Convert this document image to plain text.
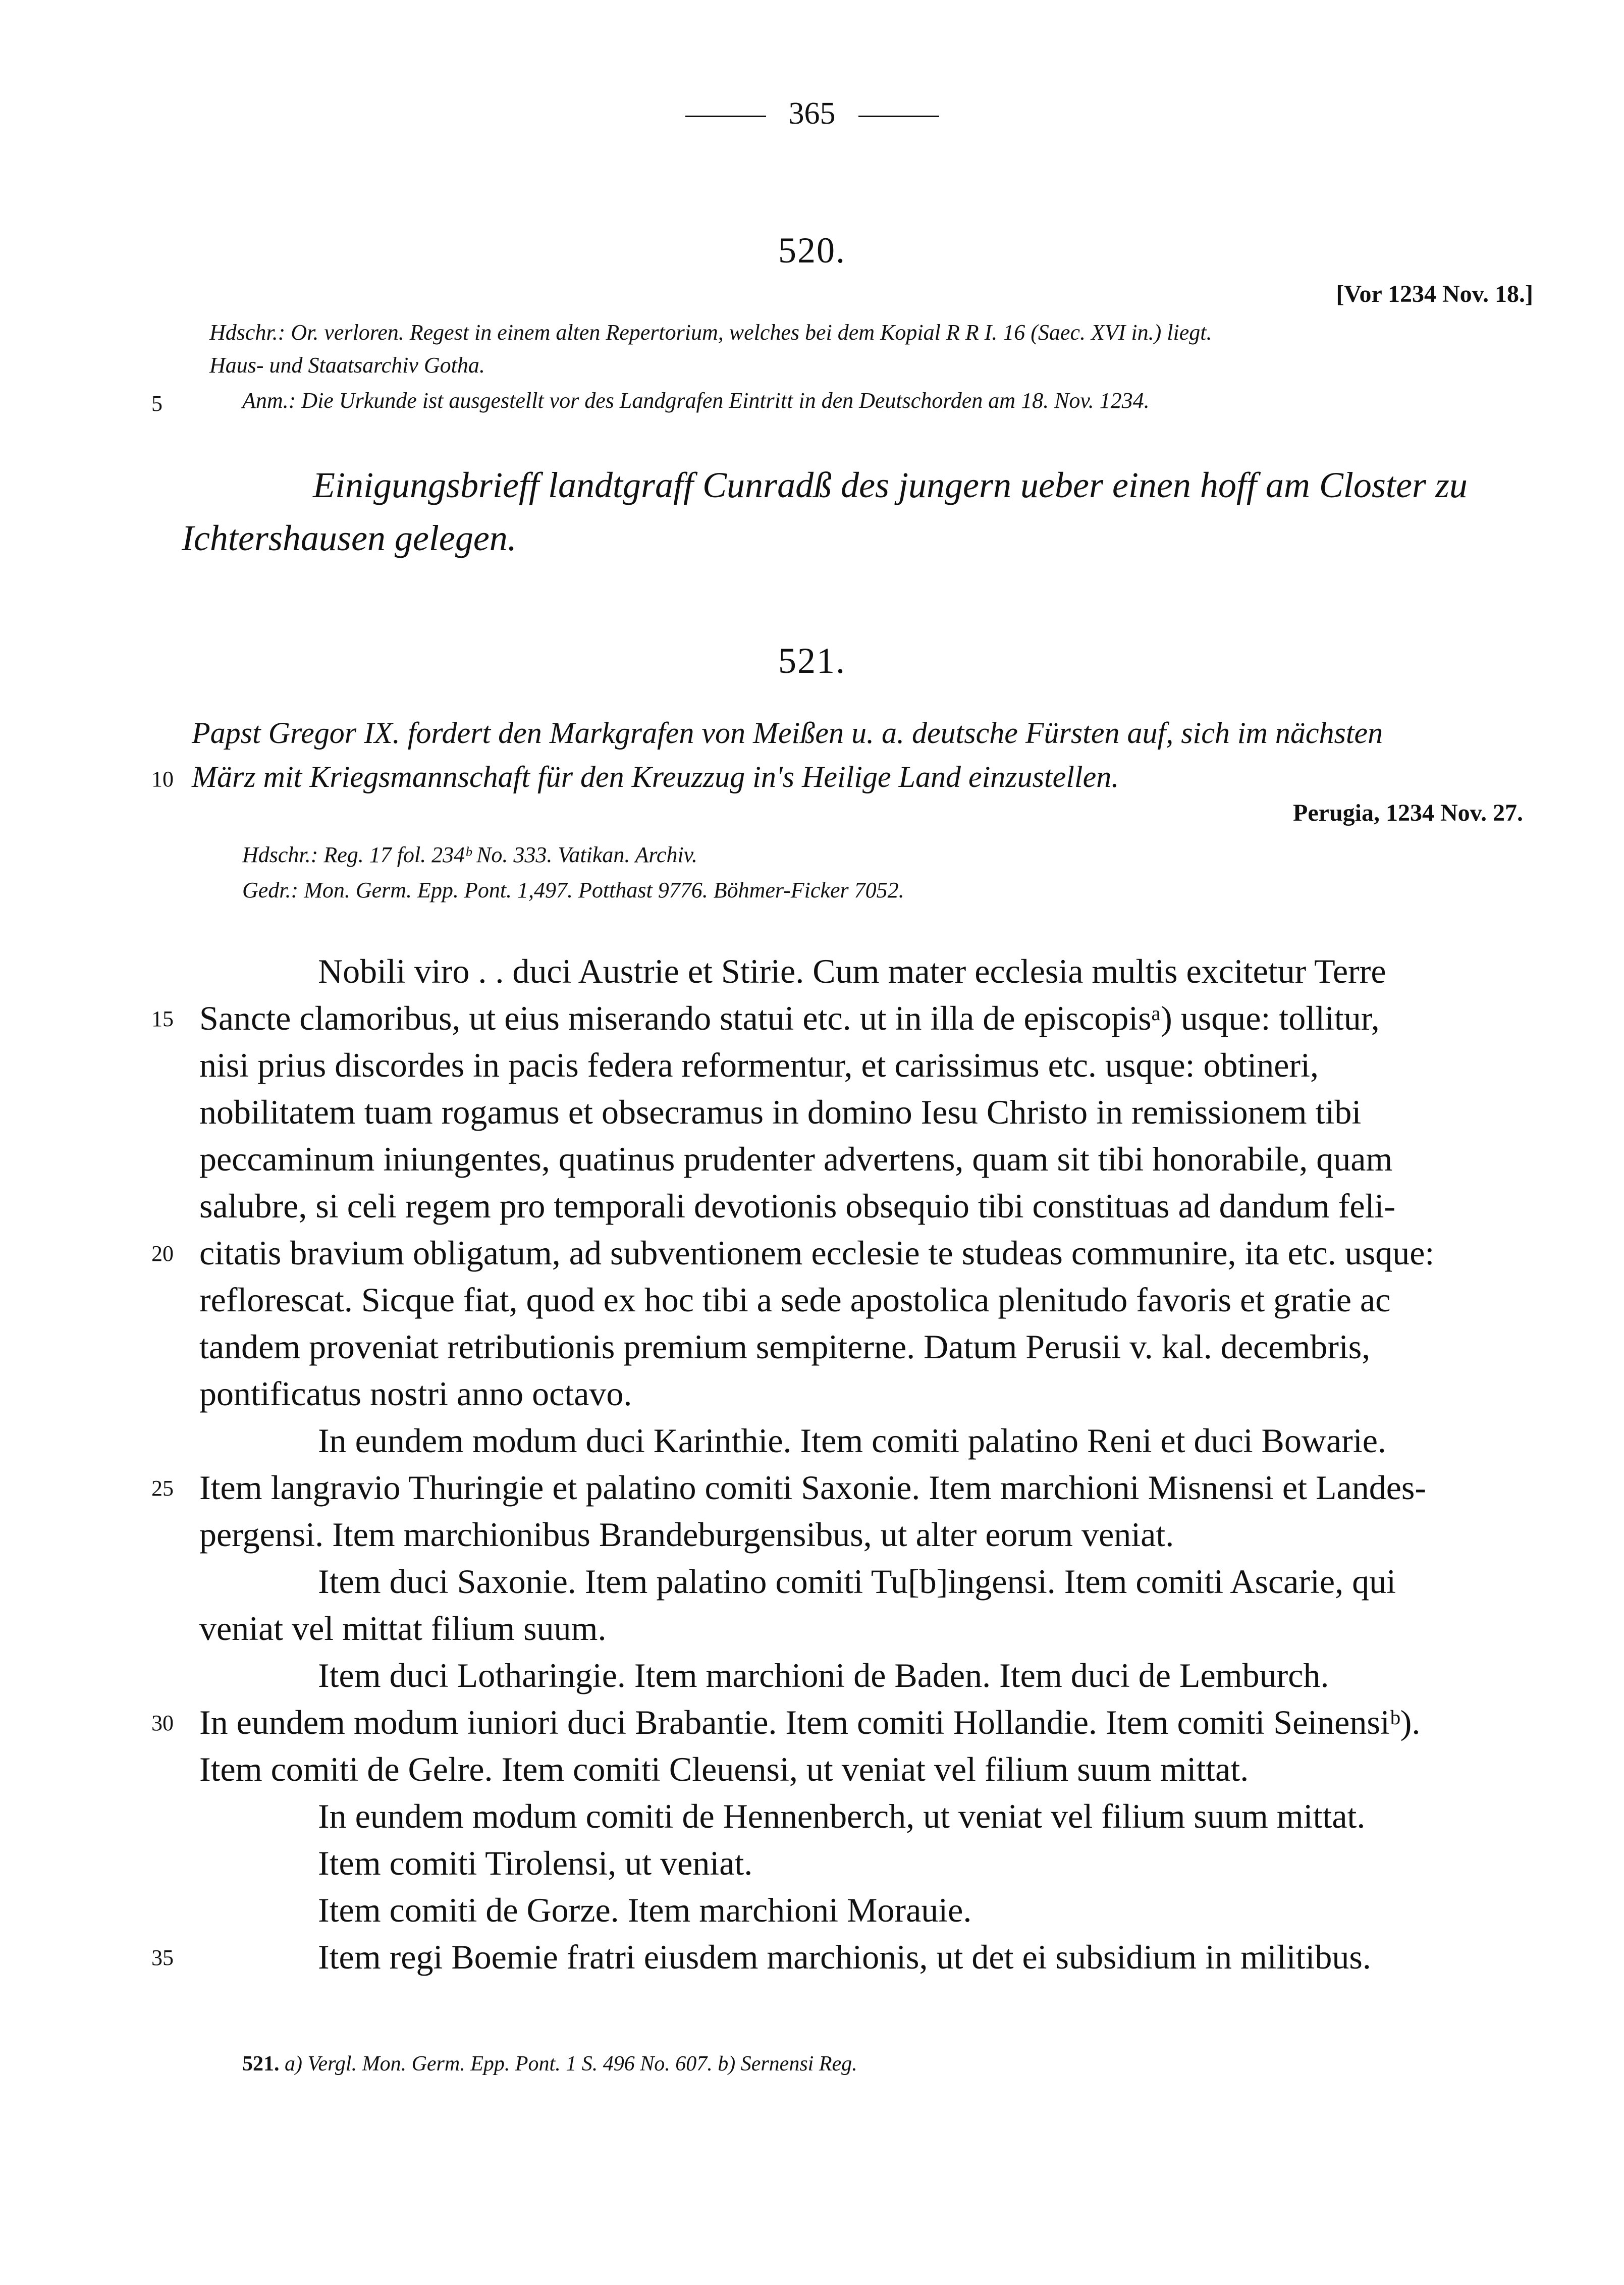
365
520.
[Vor 1234 Nov. 18.]
Hdschr.: Or. verloren. Regest in einem alten Repertorium, welches bei dem Kopial R R I. 16 (Saec. XVI in.) liegt.
Haus- und Staatsarchiv Gotha.
Anm.: Die Urkunde ist ausgestellt vor des Landgrafen Eintritt in den Deutschorden am 18. Nov. 1234.
Einigungsbrieff landtgraff Cunradß des jungern ueber einen hoff am Closter zu
Ichtershausen gelegen.
521.
Papst Gregor IX. fordert den Markgrafen von Meißen u. a. deutsche Fürsten auf, sich im nächsten
März mit Kriegsmannschaft für den Kreuzzug in's Heilige Land einzustellen.
Perugia, 1234 Nov. 27.
Hdschr.: Reg. 17 fol. 234ᵇ No. 333. Vatikan. Archiv.
Gedr.: Mon. Germ. Epp. Pont. 1,497. Potthast 9776. Böhmer-Ficker 7052.
Nobili viro . . duci Austrie et Stirie. Cum mater ecclesia multis excitetur Terre
Sancte clamoribus, ut eius miserando statui etc. ut in illa de episcopisᵃ) usque: tollitur,
nisi prius discordes in pacis federa reformentur, et carissimus etc. usque: obtineri,
nobilitatem tuam rogamus et obsecramus in domino Iesu Christo in remissionem tibi
peccaminum iniungentes, quatinus prudenter advertens, quam sit tibi honorabile, quam
salubre, si celi regem pro temporali devotionis obsequio tibi constituas ad dandum feli-
citatis bravium obligatum, ad subventionem ecclesie te studeas communire, ita etc. usque:
reflorescat. Sicque fiat, quod ex hoc tibi a sede apostolica plenitudo favoris et gratie ac
tandem proveniat retributionis premium sempiterne. Datum Perusii v. kal. decembris,
pontificatus nostri anno octavo.
In eundem modum duci Karinthie. Item comiti palatino Reni et duci Bowarie.
Item langravio Thuringie et palatino comiti Saxonie. Item marchioni Misnensi et Landes-
pergensi. Item marchionibus Brandeburgensibus, ut alter eorum veniat.
Item duci Saxonie. Item palatino comiti Tu[b]ingensi. Item comiti Ascarie, qui
veniat vel mittat filium suum.
Item duci Lotharingie. Item marchioni de Baden. Item duci de Lemburch.
In eundem modum iuniori duci Brabantie. Item comiti Hollandie. Item comiti Seinensiᵇ).
Item comiti de Gelre. Item comiti Cleuensi, ut veniat vel filium suum mittat.
In eundem modum comiti de Hennenberch, ut veniat vel filium suum mittat.
Item comiti Tirolensi, ut veniat.
Item comiti de Gorze. Item marchioni Morauie.
Item regi Boemie fratri eiusdem marchionis, ut det ei subsidium in militibus.
5
10
15
20
25
30
35
521. a) Vergl. Mon. Germ. Epp. Pont. 1 S. 496 No. 607. b) Sernensi Reg.
